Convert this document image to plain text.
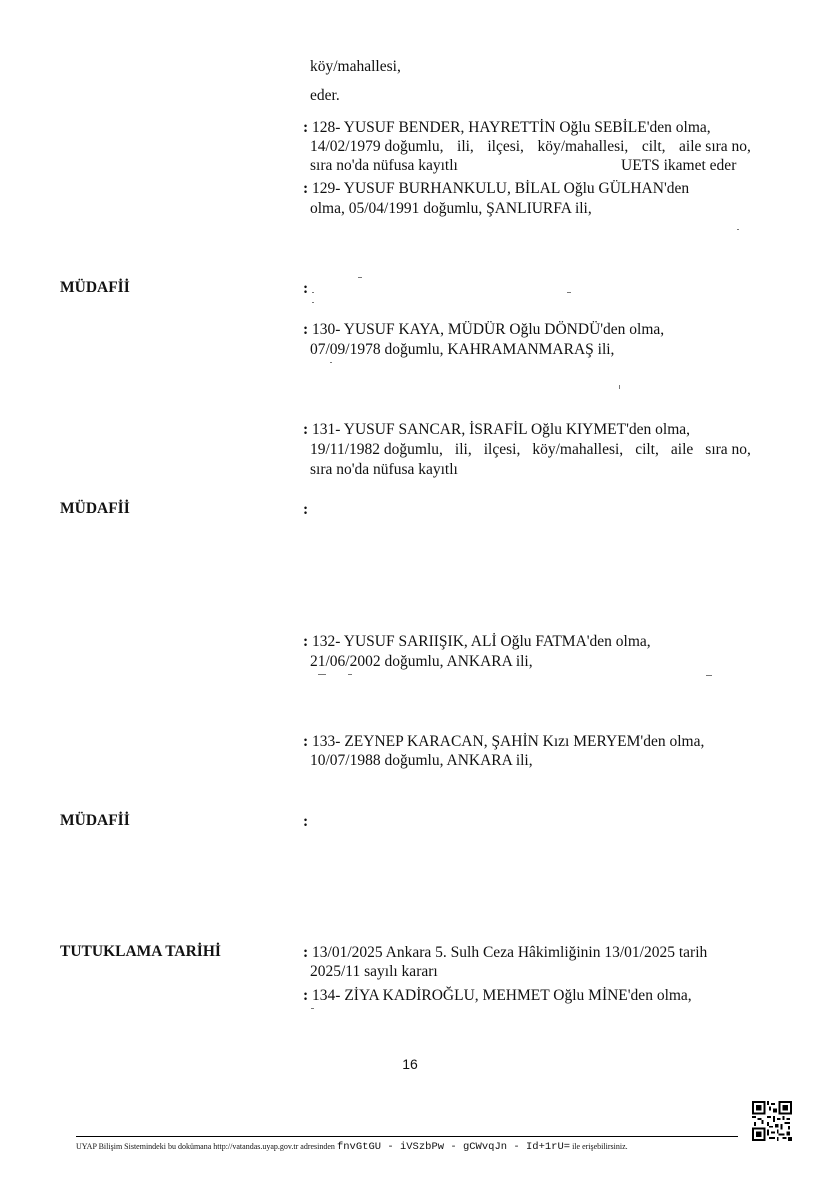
köy/mahallesi,
eder.
: 128- YUSUF BENDER, HAYRETTİN Oğlu SEBİLE'den olma,
14/02/1979 doğumlu, ili, ilçesi, köy/mahallesi, cilt, aile sıra no,
sıra no'da nüfusa kayıtlı	UETS ikamet eder
: 129- YUSUF BURHANKULU, BİLAL Oğlu GÜLHAN'den
olma, 05/04/1991 doğumlu, ŞANLIURFA ili,
MÜDAFİİ	:
: 130- YUSUF KAYA, MÜDÜR Oğlu DÖNDÜ'den olma,
07/09/1978 doğumlu, KAHRAMANMARAŞ ili,
: 131- YUSUF SANCAR, İSRAFİL Oğlu KIYMET'den olma,
19/11/1982 doğumlu, ili, ilçesi, köy/mahallesi, cilt, aile sıra no,
sıra no'da nüfusa kayıtlı
MÜDAFİİ	:
: 132- YUSUF SARIIŞIK, ALİ Oğlu FATMA'den olma,
21/06/2002 doğumlu, ANKARA ili,
: 133- ZEYNEP KARACAN, ŞAHİN Kızı MERYEM'den olma,
10/07/1988 doğumlu, ANKARA ili,
MÜDAFİİ	:
TUTUKLAMA TARİHİ	: 13/01/2025 Ankara 5. Sulh Ceza Hâkimliğinin 13/01/2025 tarih
2025/11 sayılı kararı
: 134- ZİYA KADİROĞLU, MEHMET Oğlu MİNE'den olma,
16
UYAP Bilişim Sistemindeki bu dokümana http://vatandas.uyap.gov.tr adresinden fnvGtGU - iVSzbPw - gCWvqJn - Id+1rU= ile erişebilirsiniz.
